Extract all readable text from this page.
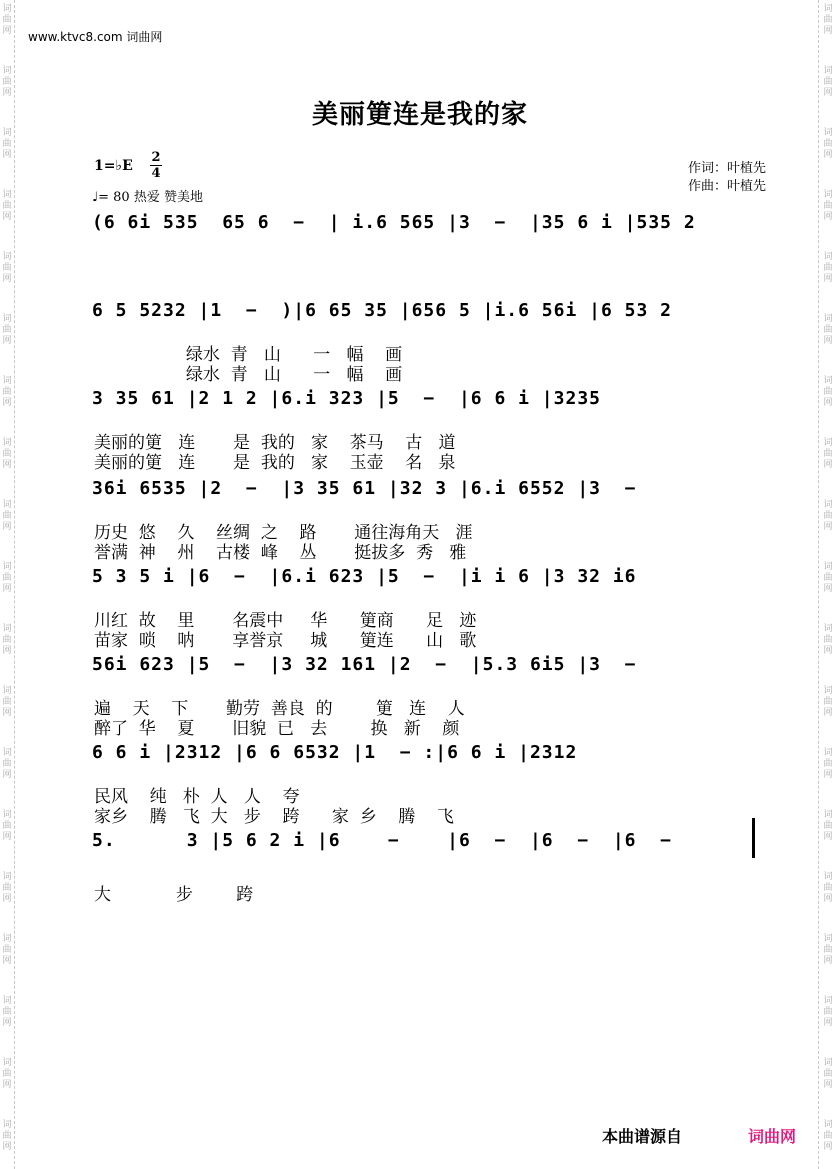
词
曲
网
词
曲
网
词
曲
网
词
曲
网
词
曲
网
词
曲
网
词
曲
网
词
曲
网
词
曲
网
词
曲
网
词
曲
网
词
曲
网
词
曲
网
词
曲
网
词
曲
网
词
曲
网
词
曲
网
词
曲
网
词
曲
网
词
曲
网
词
曲
网
词
曲
网
词
曲
网
词
曲
网
词
曲
网
词
曲
网
词
曲
网
词
曲
网
词
曲
网
词
曲
网
词
曲
网
词
曲
网
词
曲
网
词
曲
网
词
曲
网
词
曲
网
词
曲
网
词
曲
网
www.ktvc8.com 词曲网
美丽筻连是我的家
1=♭E
2
4
♩= 80 热爱 赞美地
作词：叶植先
作曲：叶植先
(6 6i 535  65 6  −  | i.6 565 |3  −  |35 6 i |535 2
6 5 5232 |1  −  )|6 65 35 |656 5 |i.6 56i |6 53 2
绿水  青   山      一   幅    画
绿水  青   山      一   幅    画
3 35 61 |2 1 2 |6.i 323 |5  −  |6 6 i |3235
美丽的筻   连       是  我的   家    茶马    古   道
美丽的筻   连       是  我的   家    玉壶    名   泉
36i 6535 |2  −  |3 35 61 |32 3 |6.i 6552 |3  −
历史  悠    久    丝绸  之    路       通往海角天   涯
誉满  神    州    古楼  峰    丛       挺拔多  秀   雅
5 3 5 i |6  −  |6.i 623 |5  −  |i i 6 |3 32 i6
川红  故    里       名震中     华      筻商      足   迹
苗家  唢    呐       享誉京     城      筻连      山   歌
56i 623 |5  −  |3 32 161 |2  −  |5.3 6i5 |3  −
遍    天    下       勤劳  善良  的        筻   连    人
醉了  华    夏       旧貌  已   去        换   新    颜
6 6 i |2312 |6 6 6532 |1  − :|6 6 i |2312
民风    纯   朴  人   人    夸
家乡    腾   飞  大   步    跨      家  乡    腾    飞
5.      3 |5 6 2 i |6    −    |6  −  |6  −  |6  −
大            步        跨
本曲谱源自	词曲网
